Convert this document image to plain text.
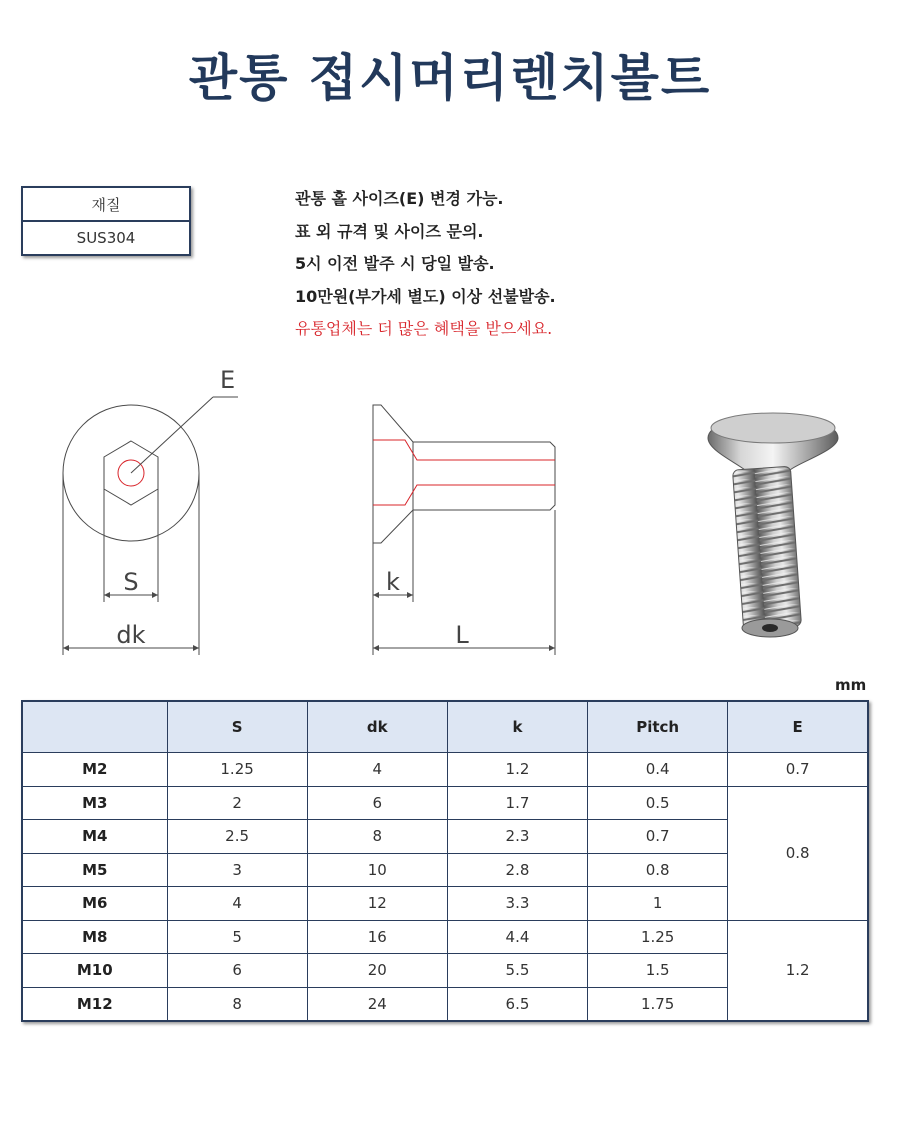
관통 접시머리렌치볼트
재질
SUS304
관통 홀 사이즈(E) 변경 가능.
표 외 규격 및 사이즈 문의.
5시 이전 발주 시 당일 발송.
10만원(부가세 별도) 이상 선불발송.
유통업체는 더 많은 혜택을 받으세요.
E
S
dk
k
L
mm
	S	dk	k	Pitch	E
M2	1.25	4	1.2	0.4	0.7
M3	2	6	1.7	0.5	0.8
M4	2.5	8	2.3	0.7	
M5	3	10	2.8	0.8	
M6	4	12	3.3	1	
M8	5	16	4.4	1.25	1.2
M10	6	20	5.5	1.5	
M12	8	24	6.5	1.75	
